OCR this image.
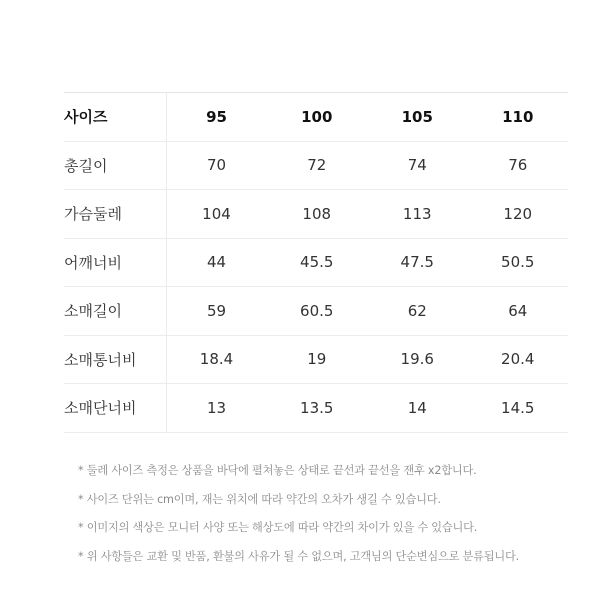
사이즈	95	100	105	110
총길이	70	72	74	76
가슴둘레	104	108	113	120
어깨너비	44	45.5	47.5	50.5
소매길이	59	60.5	62	64
소매통너비	18.4	19	19.6	20.4
소매단너비	13	13.5	14	14.5
* 둘레 사이즈 측정은 상품을 바닥에 펼쳐놓은 상태로 끝선과 끝선을 잰후 x2합니다.
* 사이즈 단위는 cm이며, 재는 위치에 따라 약간의 오차가 생길 수 있습니다.
* 이미지의 색상은 모니터 사양 또는 해상도에 따라 약간의 차이가 있을 수 있습니다.
* 위 사항들은 교환 및 반품, 환불의 사유가 될 수 없으며, 고객님의 단순변심으로 분류됩니다.
